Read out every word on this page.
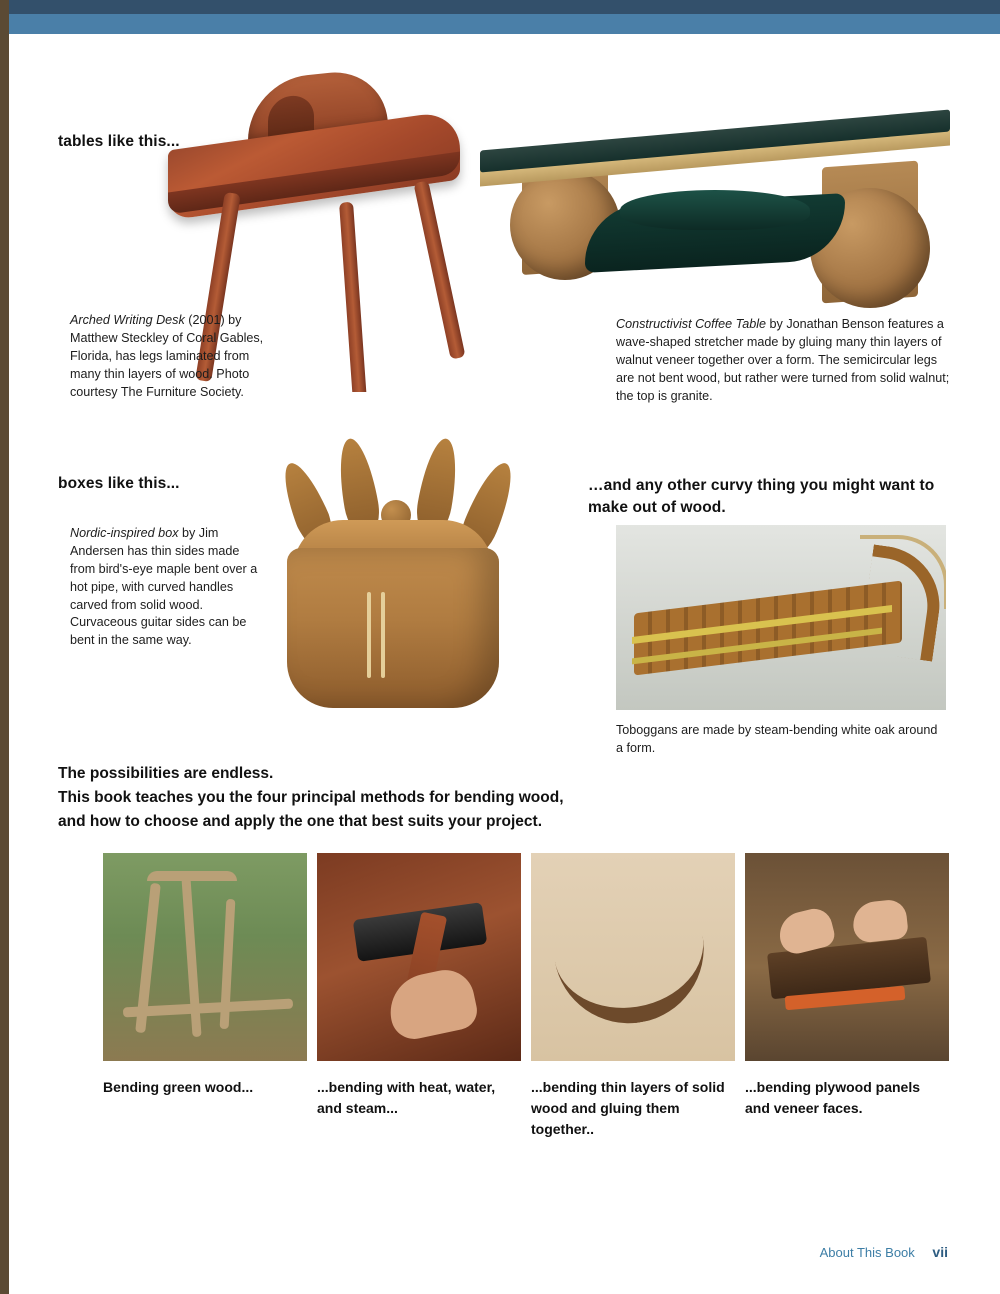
tables like this...
boxes like this...	…and any other curvy thing you might want to make out of wood.
Arched Writing Desk (2001) by Matthew Steckley of Coral Gables, Florida, has legs laminated from many thin layers of wood. Photo courtesy The Furniture Society.
Constructivist Coffee Table by Jonathan Benson features a wave-shaped stretcher made by gluing many thin layers of walnut veneer together over a form. The semicircular legs are not bent wood, but rather were turned from solid walnut; the top is granite.
Nordic-inspired box by Jim Andersen has thin sides made from bird's-eye maple bent over a hot pipe, with curved handles carved from solid wood. Curvaceous guitar sides can be bent in the same way.
Toboggans are made by steam-bending white oak around a form.
The possibilities are endless.
This book teaches you the four principal methods for bending wood,
and how to choose and apply the one that best suits your project.
Bending green wood...	...bending with heat, water, and steam...
...bending thin layers of solid wood and gluing them together..
...bending plywood panels and veneer faces.
About This Book vii
